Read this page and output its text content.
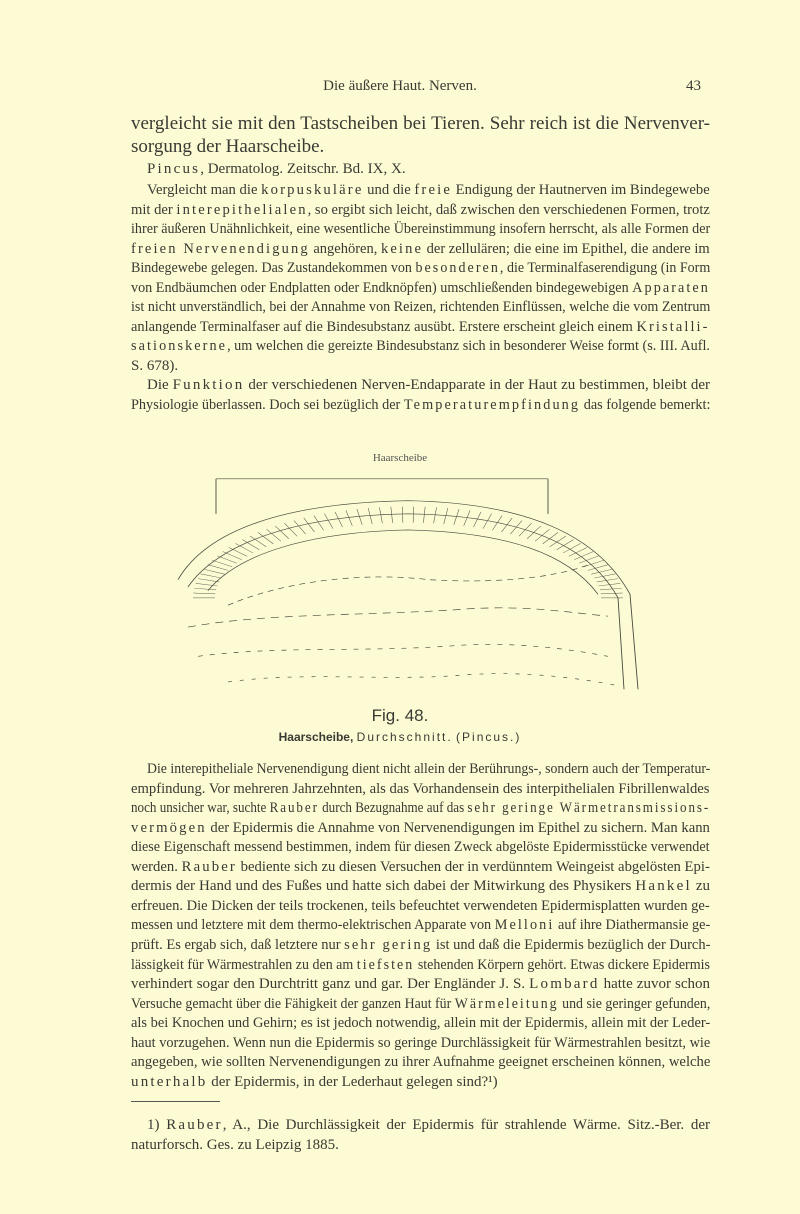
Die äußere Haut. Nerven.	43
vergleicht sie mit den Tastscheiben bei Tieren. Sehr reich ist die Nervenver-
sorgung der Haarscheibe.
Pincus, Dermatolog. Zeitschr. Bd. IX, X.
Vergleicht man die korpuskuläre und die freie Endigung der Hautnerven im Bindegewebe
mit der interepithelialen, so ergibt sich leicht, daß zwischen den verschiedenen Formen, trotz
ihrer äußeren Unähnlichkeit, eine wesentliche Übereinstimmung insofern herrscht, als alle Formen der
freien Nervenendigung angehören, keine der zellulären; die eine im Epithel, die andere im
Bindegewebe gelegen. Das Zustandekommen von besonderen, die Terminalfaserendigung (in Form
von Endbäumchen oder Endplatten oder Endknöpfen) umschließenden bindegewebigen Apparaten
ist nicht unverständlich, bei der Annahme von Reizen, richtenden Einflüssen, welche die vom Zentrum
anlangende Terminalfaser auf die Bindesubstanz ausübt. Erstere erscheint gleich einem Kristalli-
sationskerne, um welchen die gereizte Bindesubstanz sich in besonderer Weise formt (s. III. Aufl.
S. 678).
Die Funktion der verschiedenen Nerven-Endapparate in der Haut zu bestimmen, bleibt der
Physiologie überlassen. Doch sei bezüglich der Temperaturempfindung das folgende bemerkt:
Die interepitheliale Nervenendigung dient nicht allein der Berührungs-, sondern auch der Temperatur-
empfindung. Vor mehreren Jahrzehnten, als das Vorhandensein des interpithelialen Fibrillenwaldes
noch unsicher war, suchte Rauber durch Bezugnahme auf das sehr geringe Wärmetransmissions-
vermögen der Epidermis die Annahme von Nervenendigungen im Epithel zu sichern. Man kann
diese Eigenschaft messend bestimmen, indem für diesen Zweck abgelöste Epidermisstücke verwendet
werden. Rauber bediente sich zu diesen Versuchen der in verdünntem Weingeist abgelösten Epi-
dermis der Hand und des Fußes und hatte sich dabei der Mitwirkung des Physikers Hankel zu
erfreuen. Die Dicken der teils trockenen, teils befeuchtet verwendeten Epidermisplatten wurden ge-
messen und letztere mit dem thermo-elektrischen Apparate von Melloni auf ihre Diathermansie ge-
prüft. Es ergab sich, daß letztere nur sehr gering ist und daß die Epidermis bezüglich der Durch-
lässigkeit für Wärmestrahlen zu den am tiefsten stehenden Körpern gehört. Etwas dickere Epidermis
verhindert sogar den Durchtritt ganz und gar. Der Engländer J. S. Lombard hatte zuvor schon
Versuche gemacht über die Fähigkeit der ganzen Haut für Wärmeleitung und sie geringer gefunden,
als bei Knochen und Gehirn; es ist jedoch notwendig, allein mit der Epidermis, allein mit der Leder-
haut vorzugehen. Wenn nun die Epidermis so geringe Durchlässigkeit für Wärmestrahlen besitzt, wie
angegeben, wie sollten Nervenendigungen zu ihrer Aufnahme geeignet erscheinen können, welche
unterhalb der Epidermis, in der Lederhaut gelegen sind?¹)
1) Rauber, A., Die Durchlässigkeit der Epidermis für strahlende Wärme. Sitz.-Ber. der
naturforsch. Ges. zu Leipzig 1885.
Haarscheibe
Fig. 48.
Haarscheibe, Durchschnitt. (Pincus.)
